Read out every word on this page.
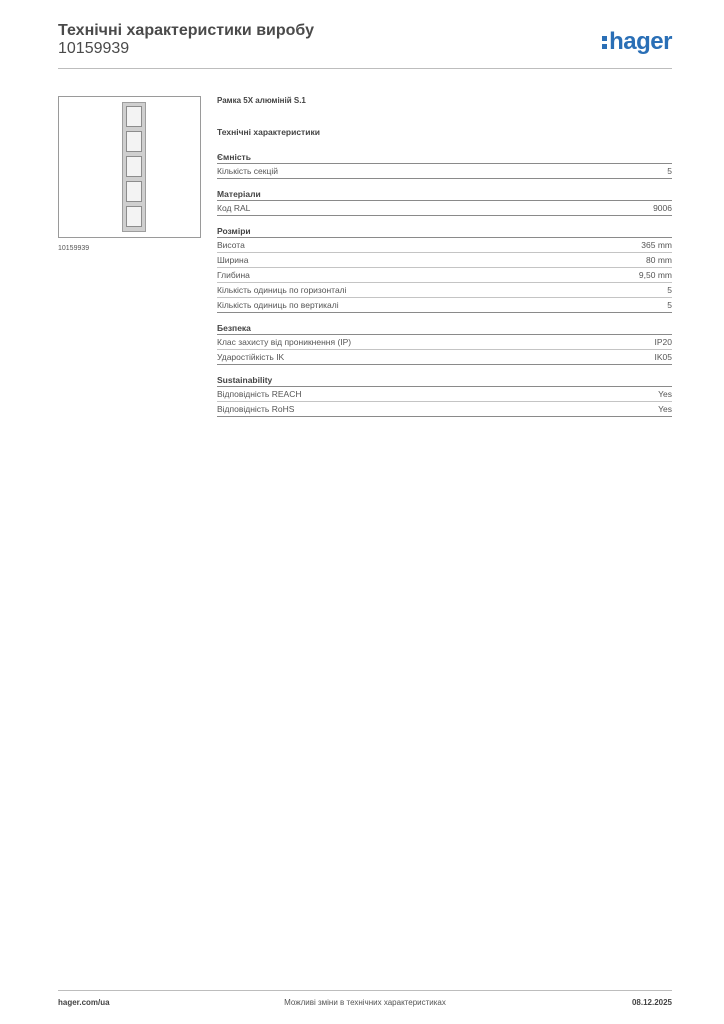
Технічні характеристики виробу
10159939	hager
10159939
Рамка 5Х алюміній S.1
Технічні характеристики
Ємність
Кількість секцій	5
Матеріали
Код RAL	9006
Розміри
Висота	365 mm
Ширина	80 mm
Глибина	9,50 mm
Кількість одиниць по горизонталі	5
Кількість одиниць по вертикалі	5
Безпека
Клас захисту від проникнення (IP)	IP20
Ударостійкість IK	IK05
Sustainability
Відповідність REACH	Yes
Відповідність RoHS	Yes
hager.com/ua	Можливі зміни в технічних характеристиках	08.12.2025
